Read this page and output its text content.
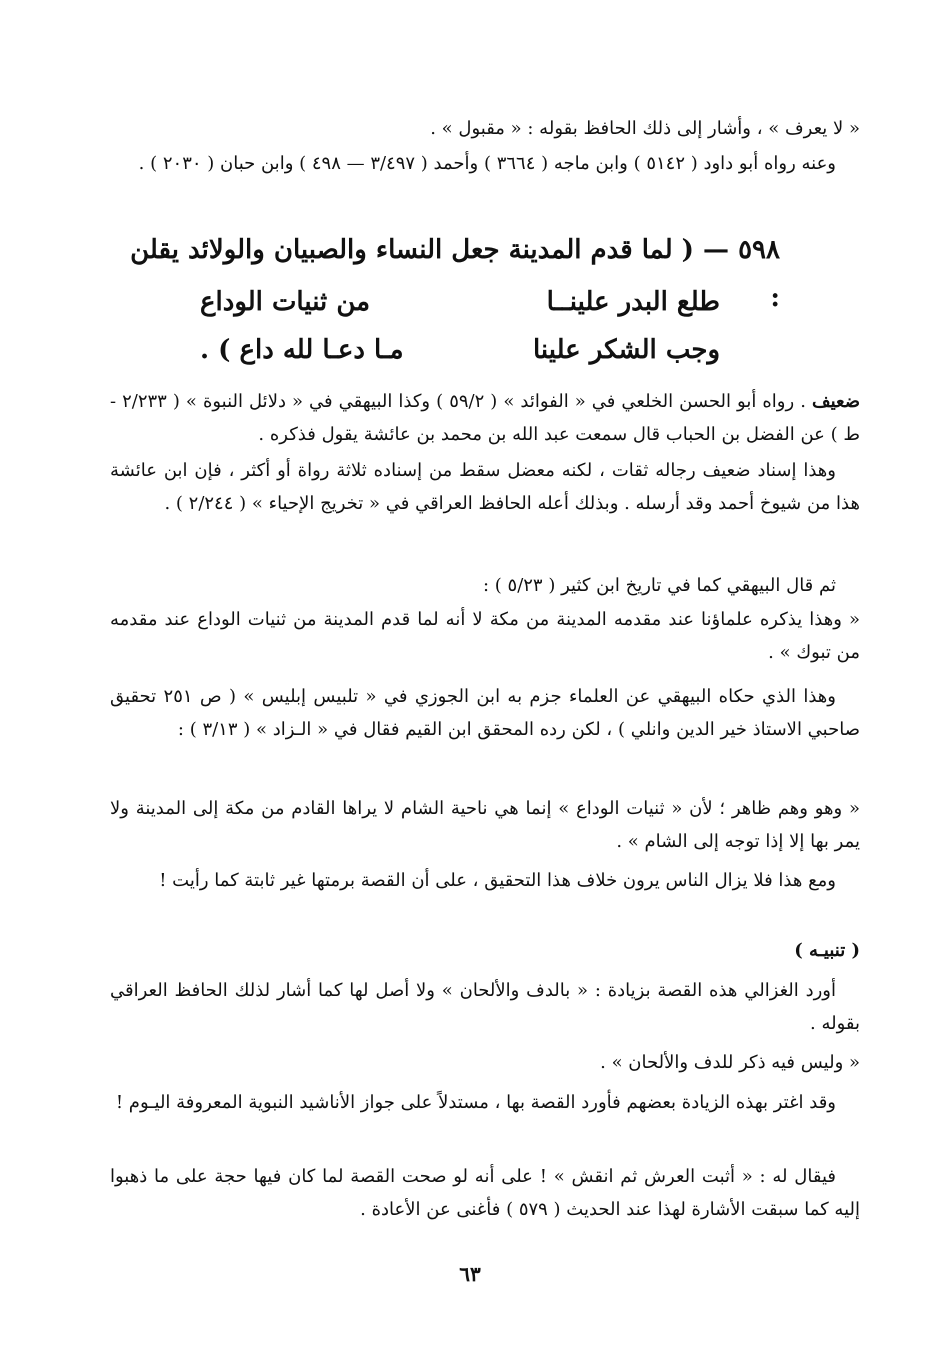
« لا يعرف » ، وأشار إلى ذلك الحافظ بقوله : « مقبول » .
وعنه رواه أبو داود ( ٥١٤٢ ) وابن ماجه ( ٣٦٦٤ ) وأحمد ( ٣/٤٩٧ — ٤٩٨ ) وابن حبان ( ٢٠٣٠ ) .
٥٩٨ — ( لما قدم المدينة جعل النساء والصبيان والولائد يقلن :
طلع البدر علينــا
من ثنيات الوداع
وجب الشكر علينا
مـا دعـا لله داع ) .
ضعيف . رواه أبو الحسن الخلعي في « الفوائد » ( ٥٩/٢ ) وكذا البيهقي في « دلائل النبوة » ( ٢/٢٣٣ - ط ) عن الفضل بن الحباب قال سمعت عبد الله بن محمد بن عائشة يقول فذكره .
وهذا إسناد ضعيف رجاله ثقات ، لكنه معضل سقط من إسناده ثلاثة رواة أو أكثر ، فإن ابن عائشة هذا من شيوخ أحمد وقد أرسله . وبذلك أعله الحافظ العراقي في « تخريج الإحياء » ( ٢/٢٤٤ ) .
ثم قال البيهقي كما في تاريخ ابن كثير ( ٥/٢٣ ) :
« وهذا يذكره علماؤنا عند مقدمه المدينة من مكة لا أنه لما قدم المدينة من ثنيات الوداع عند مقدمه من تبوك » .
وهذا الذي حكاه البيهقي عن العلماء جزم به ابن الجوزي في « تلبيس إبليس » ( ص ٢٥١ تحقيق صاحبي الاستاذ خير الدين وانلي ) ، لكن رده المحقق ابن القيم فقال في « الـزاد » ( ٣/١٣ ) :
« وهو وهم ظاهر ؛ لأن « ثنيات الوداع » إنما هي ناحية الشام لا يراها القادم من مكة إلى المدينة ولا يمر بها إلا إذا توجه إلى الشام » .
ومع هذا فلا يزال الناس يرون خلاف هذا التحقيق ، على أن القصة برمتها غير ثابتة كما رأيت !
( تنبيـه )
أورد الغزالي هذه القصة بزيادة : « بالدف والألحان » ولا أصل لها كما أشار لذلك الحافظ العراقي بقوله .
« وليس فيه ذكر للدف والألحان » .
وقد اغتر بهذه الزيادة بعضهم فأورد القصة بها ، مستدلاً على جواز الأناشيد النبوية المعروفة اليـوم !
فيقال له : « أثبت العرش ثم انقش » ! على أنه لو صحت القصة لما كان فيها حجة على ما ذهبوا إليه كما سبقت الأشارة لهذا عند الحديث ( ٥٧٩ ) فأغنى عن الأعادة .
٦٣
